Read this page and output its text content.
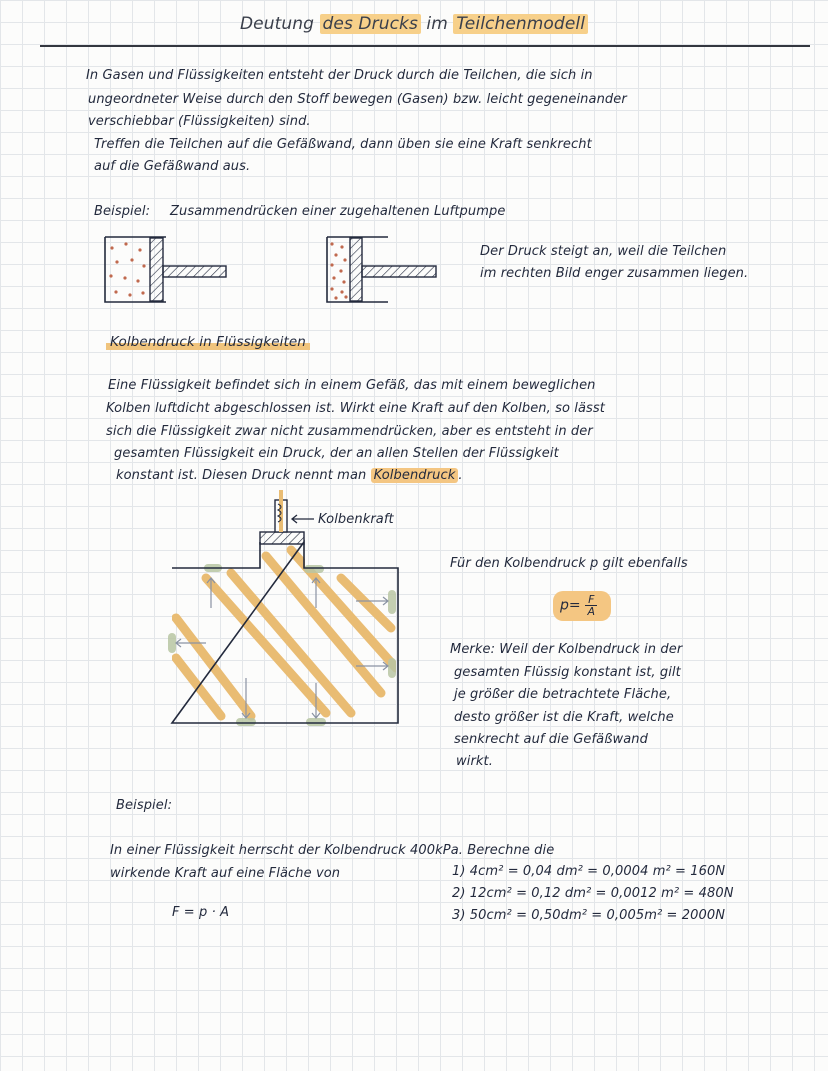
Deutung des Drucks im Teilchenmodell
In Gasen und Flüssigkeiten entsteht der Druck durch die Teilchen, die sich in
ungeordneter Weise durch den Stoff bewegen (Gasen) bzw. leicht gegeneinander
verschiebbar (Flüssigkeiten) sind.
Treffen die Teilchen auf die Gefäßwand, dann üben sie eine Kraft senkrecht
auf die Gefäßwand aus.
Beispiel: Zusammendrücken einer zugehaltenen Luftpumpe
Der Druck steigt an, weil die Teilchen
im rechten Bild enger zusammen liegen.
Kolbendruck in Flüssigkeiten
Eine Flüssigkeit befindet sich in einem Gefäß, das mit einem beweglichen
Kolben luftdicht abgeschlossen ist. Wirkt eine Kraft auf den Kolben, so lässt
sich die Flüssigkeit zwar nicht zusammendrücken, aber es entsteht in der
gesamten Flüssigkeit ein Druck, der an allen Stellen der Flüssigkeit
konstant ist. Diesen Druck nennt man Kolbendruck .
Kolbenkraft
Für den Kolbendruck p gilt ebenfalls
$p= \frac{F}{A}$
Merke: Weil der Kolbendruck in der
gesamten Flüssig konstant ist, gilt
je größer die betrachtete Fläche,
desto größer ist die Kraft, welche
senkrecht auf die Gefäßwand
wirkt.
Beispiel:
In einer Flüssigkeit herrscht der Kolbendruck 400kPa. Berechne die
wirkende Kraft auf eine Fläche von
F = p · A
1) 4cm² = 0,04 dm² = 0,0004 m² = 160N
2) 12cm² = 0,12 dm² = 0,0012 m² = 480N
3) 50cm² = 0,50dm² = 0,005m² = 2000N
